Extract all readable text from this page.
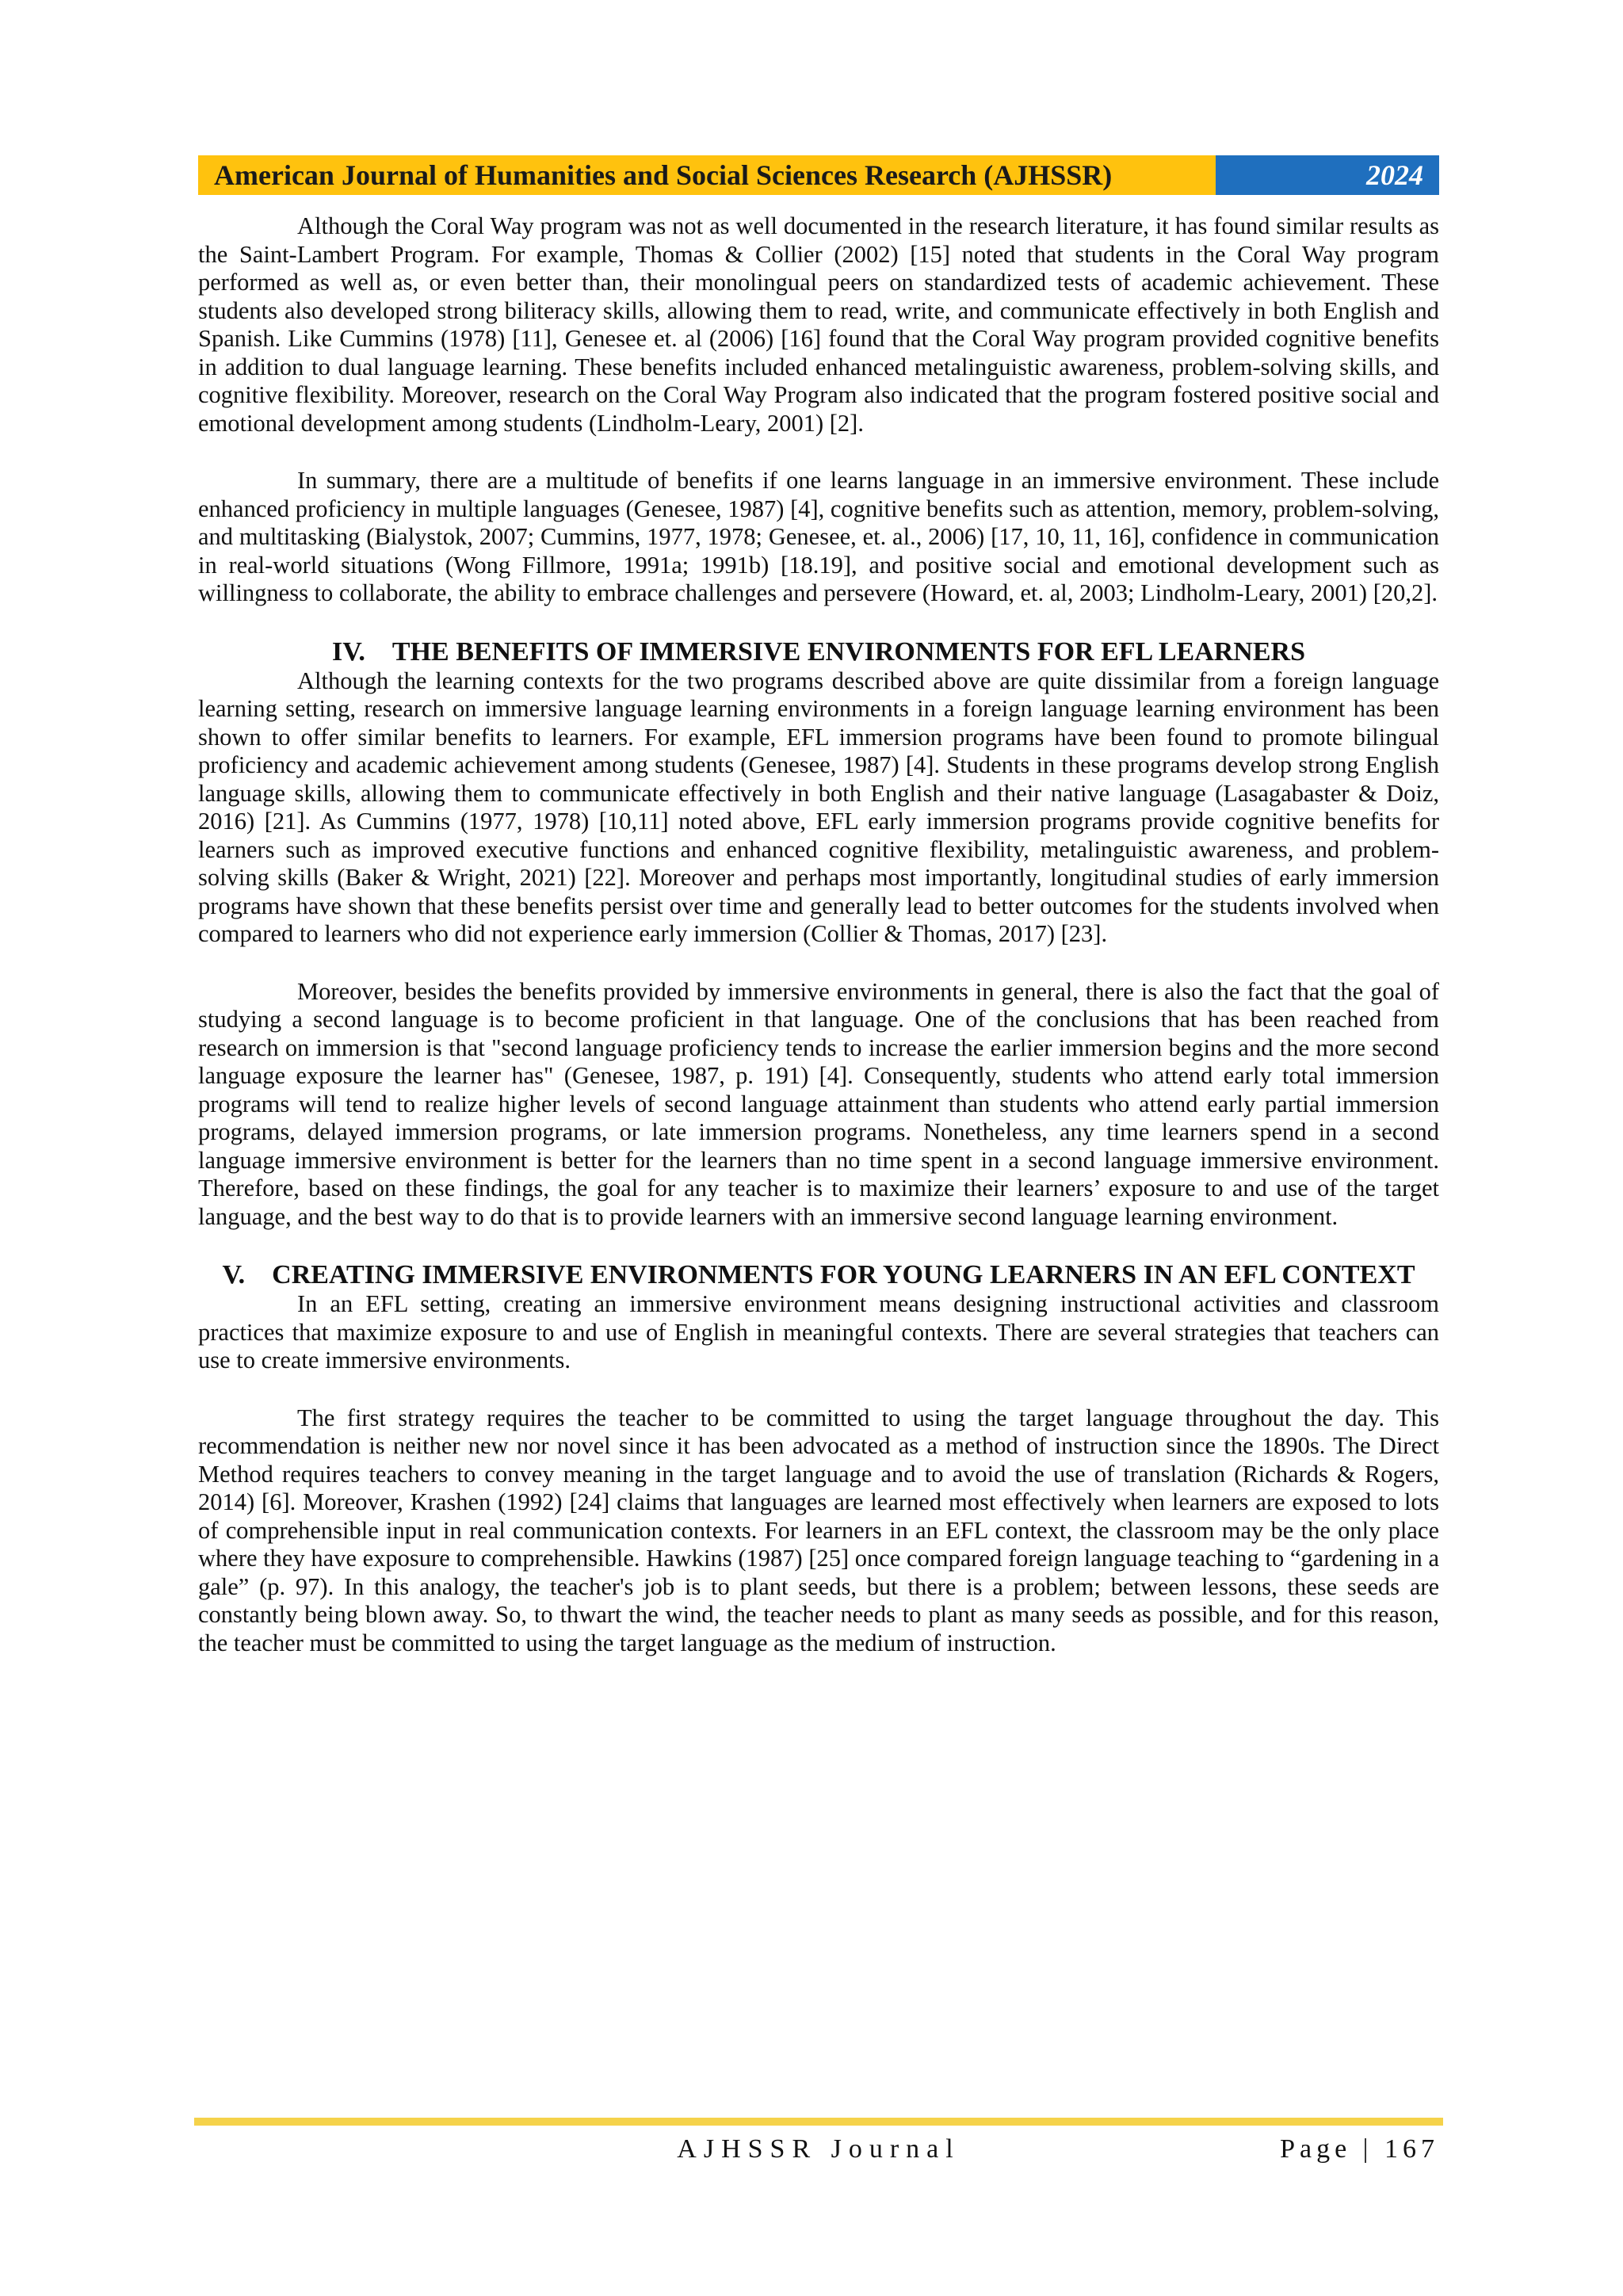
American Journal of Humanities and Social Sciences Research (AJHSSR)	2024

Although the Coral Way program was not as well documented in the research literature, it has found similar results as the Saint-Lambert Program. For example, Thomas & Collier (2002) [15] noted that students in the Coral Way program performed as well as, or even better than, their monolingual peers on standardized tests of academic achievement. These students also developed strong biliteracy skills, allowing them to read, write, and communicate effectively in both English and Spanish. Like Cummins (1978) [11], Genesee et. al (2006) [16] found that the Coral Way program provided cognitive benefits in addition to dual language learning. These benefits included enhanced metalinguistic awareness, problem-solving skills, and cognitive flexibility. Moreover, research on the Coral Way Program also indicated that the program fostered positive social and emotional development among students (Lindholm-Leary, 2001) [2].

In summary, there are a multitude of benefits if one learns language in an immersive environment. These include enhanced proficiency in multiple languages (Genesee, 1987) [4], cognitive benefits such as attention, memory, problem-solving, and multitasking (Bialystok, 2007; Cummins, 1977, 1978; Genesee, et. al., 2006) [17, 10, 11, 16], confidence in communication in real-world situations (Wong Fillmore, 1991a; 1991b) [18.19], and positive social and emotional development such as willingness to collaborate, the ability to embrace challenges and persevere (Howard, et. al, 2003; Lindholm-Leary, 2001) [20,2].

IV. THE BENEFITS OF IMMERSIVE ENVIRONMENTS FOR EFL LEARNERS

Although the learning contexts for the two programs described above are quite dissimilar from a foreign language learning setting, research on immersive language learning environments in a foreign language learning environment has been shown to offer similar benefits to learners. For example, EFL immersion programs have been found to promote bilingual proficiency and academic achievement among students (Genesee, 1987) [4]. Students in these programs develop strong English language skills, allowing them to communicate effectively in both English and their native language (Lasagabaster & Doiz, 2016) [21]. As Cummins (1977, 1978) [10,11] noted above, EFL early immersion programs provide cognitive benefits for learners such as improved executive functions and enhanced cognitive flexibility, metalinguistic awareness, and problem-solving skills (Baker & Wright, 2021) [22]. Moreover and perhaps most importantly, longitudinal studies of early immersion programs have shown that these benefits persist over time and generally lead to better outcomes for the students involved when compared to learners who did not experience early immersion (Collier & Thomas, 2017) [23].

Moreover, besides the benefits provided by immersive environments in general, there is also the fact that the goal of studying a second language is to become proficient in that language. One of the conclusions that has been reached from research on immersion is that "second language proficiency tends to increase the earlier immersion begins and the more second language exposure the learner has" (Genesee, 1987, p. 191) [4]. Consequently, students who attend early total immersion programs will tend to realize higher levels of second language attainment than students who attend early partial immersion programs, delayed immersion programs, or late immersion programs. Nonetheless, any time learners spend in a second language immersive environment is better for the learners than no time spent in a second language immersive environment. Therefore, based on these findings, the goal for any teacher is to maximize their learners’ exposure to and use of the target language, and the best way to do that is to provide learners with an immersive second language learning environment.

V. CREATING IMMERSIVE ENVIRONMENTS FOR YOUNG LEARNERS IN AN EFL CONTEXT

In an EFL setting, creating an immersive environment means designing instructional activities and classroom practices that maximize exposure to and use of English in meaningful contexts. There are several strategies that teachers can use to create immersive environments.

The first strategy requires the teacher to be committed to using the target language throughout the day. This recommendation is neither new nor novel since it has been advocated as a method of instruction since the 1890s. The Direct Method requires teachers to convey meaning in the target language and to avoid the use of translation (Richards & Rogers, 2014) [6]. Moreover, Krashen (1992) [24] claims that languages are learned most effectively when learners are exposed to lots of comprehensible input in real communication contexts. For learners in an EFL context, the classroom may be the only place where they have exposure to comprehensible. Hawkins (1987) [25] once compared foreign language teaching to “gardening in a gale” (p. 97). In this analogy, the teacher's job is to plant seeds, but there is a problem; between lessons, these seeds are constantly being blown away. So, to thwart the wind, the teacher needs to plant as many seeds as possible, and for this reason, the teacher must be committed to using the target language as the medium of instruction.

AJHSSR Journal	Page | 167
